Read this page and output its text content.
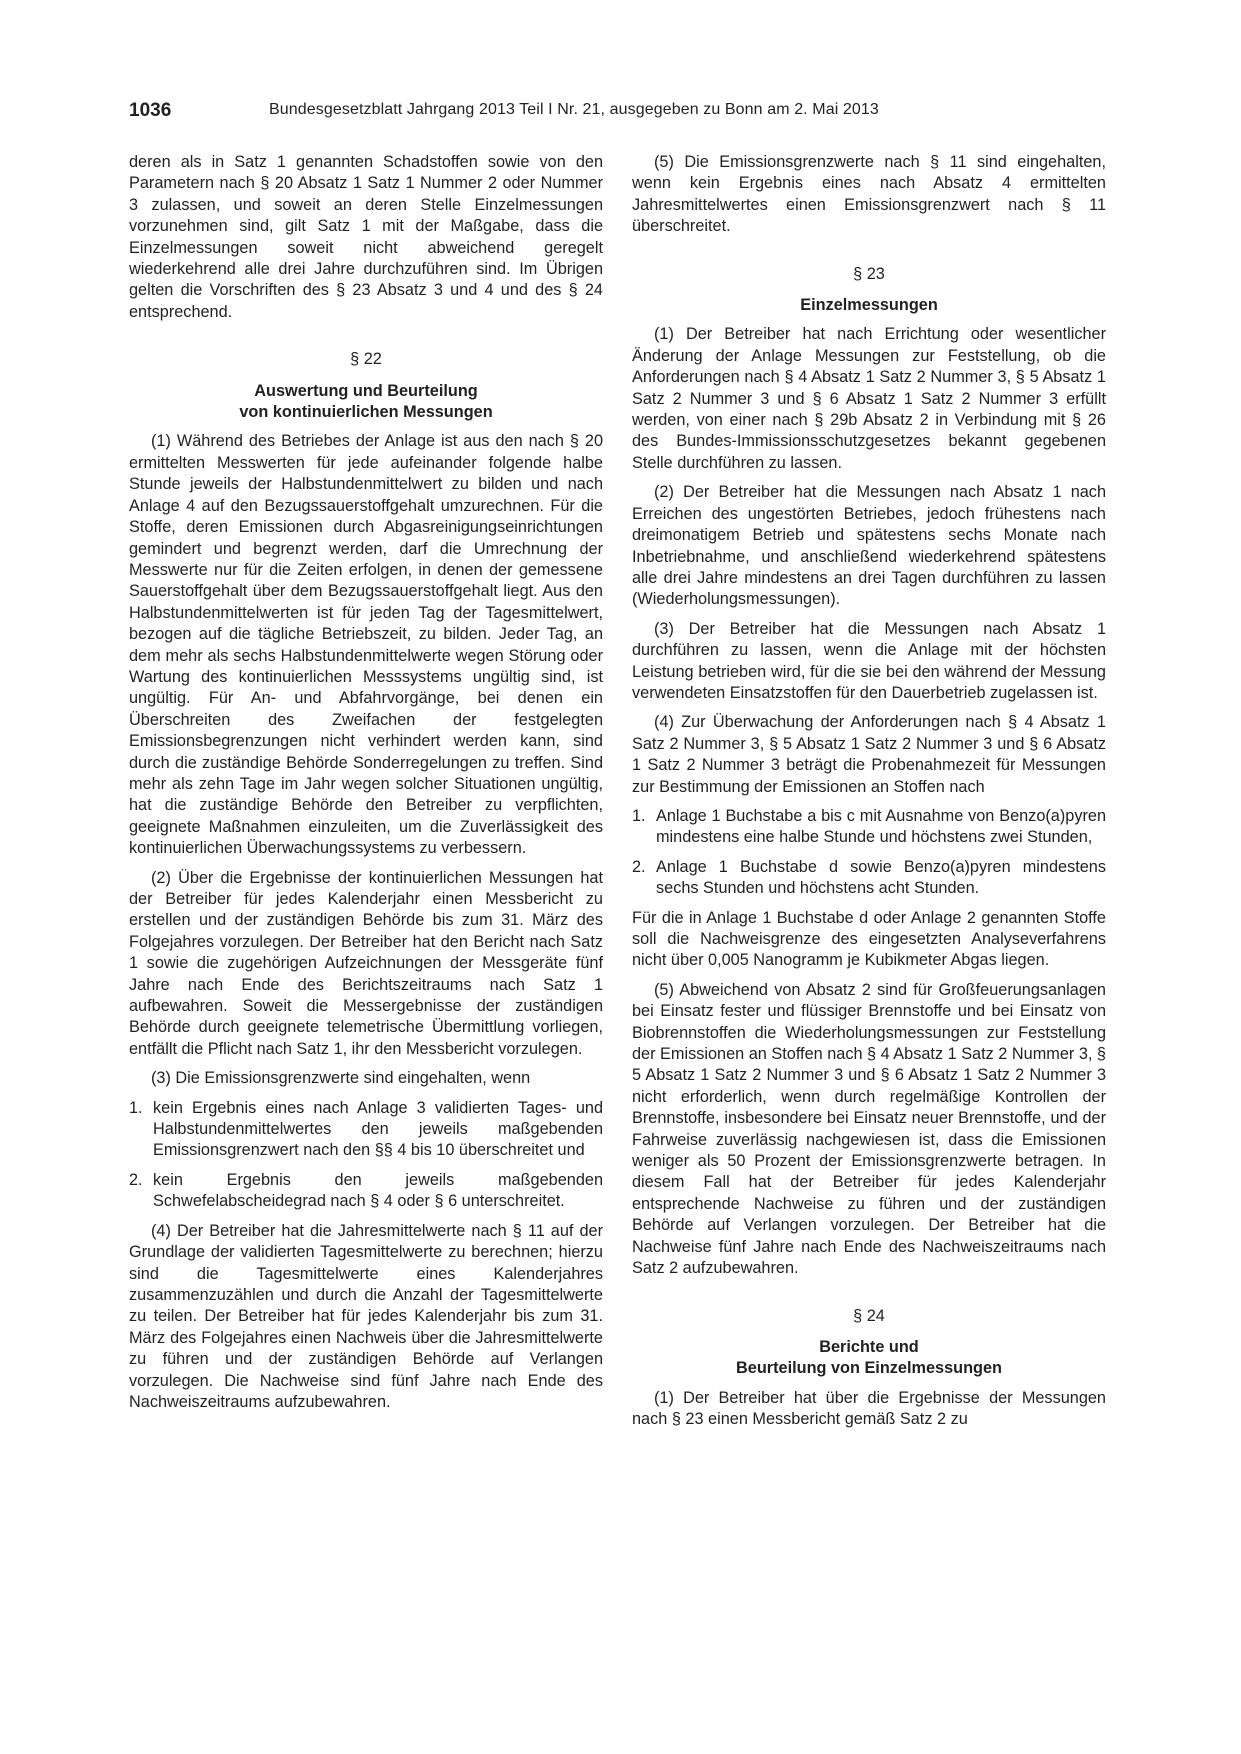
1036	Bundesgesetzblatt Jahrgang 2013 Teil I Nr. 21, ausgegeben zu Bonn am 2. Mai 2013

deren als in Satz 1 genannten Schadstoffen sowie von den Parametern nach § 20 Absatz 1 Satz 1 Nummer 2 oder Nummer 3 zulassen, und soweit an deren Stelle Einzelmessungen vorzunehmen sind, gilt Satz 1 mit der Maßgabe, dass die Einzelmessungen soweit nicht abweichend geregelt wiederkehrend alle drei Jahre durchzuführen sind. Im Übrigen gelten die Vorschriften des § 23 Absatz 3 und 4 und des § 24 entsprechend.

§ 22
Auswertung und Beurteilung
von kontinuierlichen Messungen

(1) Während des Betriebes der Anlage ist aus den nach § 20 ermittelten Messwerten für jede aufeinander folgende halbe Stunde jeweils der Halbstundenmittelwert zu bilden und nach Anlage 4 auf den Bezugssauerstoffgehalt umzurechnen. Für die Stoffe, deren Emissionen durch Abgasreinigungseinrichtungen gemindert und begrenzt werden, darf die Umrechnung der Messwerte nur für die Zeiten erfolgen, in denen der gemessene Sauerstoffgehalt über dem Bezugssauerstoffgehalt liegt. Aus den Halbstundenmittelwerten ist für jeden Tag der Tagesmittelwert, bezogen auf die tägliche Betriebszeit, zu bilden. Jeder Tag, an dem mehr als sechs Halbstundenmittelwerte wegen Störung oder Wartung des kontinuierlichen Messsystems ungültig sind, ist ungültig. Für An- und Abfahrvorgänge, bei denen ein Überschreiten des Zweifachen der festgelegten Emissionsbegrenzungen nicht verhindert werden kann, sind durch die zuständige Behörde Sonderregelungen zu treffen. Sind mehr als zehn Tage im Jahr wegen solcher Situationen ungültig, hat die zuständige Behörde den Betreiber zu verpflichten, geeignete Maßnahmen einzuleiten, um die Zuverlässigkeit des kontinuierlichen Überwachungssystems zu verbessern.

(2) Über die Ergebnisse der kontinuierlichen Messungen hat der Betreiber für jedes Kalenderjahr einen Messbericht zu erstellen und der zuständigen Behörde bis zum 31. März des Folgejahres vorzulegen. Der Betreiber hat den Bericht nach Satz 1 sowie die zugehörigen Aufzeichnungen der Messgeräte fünf Jahre nach Ende des Berichtszeitraums nach Satz 1 aufbewahren. Soweit die Messergebnisse der zuständigen Behörde durch geeignete telemetrische Übermittlung vorliegen, entfällt die Pflicht nach Satz 1, ihr den Messbericht vorzulegen.

(3) Die Emissionsgrenzwerte sind eingehalten, wenn

1. kein Ergebnis eines nach Anlage 3 validierten Tages- und Halbstundenmittelwertes den jeweils maßgebenden Emissionsgrenzwert nach den §§ 4 bis 10 überschreitet und
2. kein Ergebnis den jeweils maßgebenden Schwefelabscheidegrad nach § 4 oder § 6 unterschreitet.

(4) Der Betreiber hat die Jahresmittelwerte nach § 11 auf der Grundlage der validierten Tagesmittelwerte zu berechnen; hierzu sind die Tagesmittelwerte eines Kalenderjahres zusammenzuzählen und durch die Anzahl der Tagesmittelwerte zu teilen. Der Betreiber hat für jedes Kalenderjahr bis zum 31. März des Folgejahres einen Nachweis über die Jahresmittelwerte zu führen und der zuständigen Behörde auf Verlangen vorzulegen. Die Nachweise sind fünf Jahre nach Ende des Nachweiszeitraums aufzubewahren.

(5) Die Emissionsgrenzwerte nach § 11 sind eingehalten, wenn kein Ergebnis eines nach Absatz 4 ermittelten Jahresmittelwertes einen Emissionsgrenzwert nach § 11 überschreitet.

§ 23
Einzelmessungen

(1) Der Betreiber hat nach Errichtung oder wesentlicher Änderung der Anlage Messungen zur Feststellung, ob die Anforderungen nach § 4 Absatz 1 Satz 2 Nummer 3, § 5 Absatz 1 Satz 2 Nummer 3 und § 6 Absatz 1 Satz 2 Nummer 3 erfüllt werden, von einer nach § 29b Absatz 2 in Verbindung mit § 26 des Bundes-Immissionsschutzgesetzes bekannt gegebenen Stelle durchführen zu lassen.

(2) Der Betreiber hat die Messungen nach Absatz 1 nach Erreichen des ungestörten Betriebes, jedoch frühestens nach dreimonatigem Betrieb und spätestens sechs Monate nach Inbetriebnahme, und anschließend wiederkehrend spätestens alle drei Jahre mindestens an drei Tagen durchführen zu lassen (Wiederholungsmessungen).

(3) Der Betreiber hat die Messungen nach Absatz 1 durchführen zu lassen, wenn die Anlage mit der höchsten Leistung betrieben wird, für die sie bei den während der Messung verwendeten Einsatzstoffen für den Dauerbetrieb zugelassen ist.

(4) Zur Überwachung der Anforderungen nach § 4 Absatz 1 Satz 2 Nummer 3, § 5 Absatz 1 Satz 2 Nummer 3 und § 6 Absatz 1 Satz 2 Nummer 3 beträgt die Probenahmezeit für Messungen zur Bestimmung der Emissionen an Stoffen nach

1. Anlage 1 Buchstabe a bis c mit Ausnahme von Benzo(a)pyren mindestens eine halbe Stunde und höchstens zwei Stunden,
2. Anlage 1 Buchstabe d sowie Benzo(a)pyren mindestens sechs Stunden und höchstens acht Stunden.

Für die in Anlage 1 Buchstabe d oder Anlage 2 genannten Stoffe soll die Nachweisgrenze des eingesetzten Analyseverfahrens nicht über 0,005 Nanogramm je Kubikmeter Abgas liegen.

(5) Abweichend von Absatz 2 sind für Großfeuerungsanlagen bei Einsatz fester und flüssiger Brennstoffe und bei Einsatz von Biobrennstoffen die Wiederholungsmessungen zur Feststellung der Emissionen an Stoffen nach § 4 Absatz 1 Satz 2 Nummer 3, § 5 Absatz 1 Satz 2 Nummer 3 und § 6 Absatz 1 Satz 2 Nummer 3 nicht erforderlich, wenn durch regelmäßige Kontrollen der Brennstoffe, insbesondere bei Einsatz neuer Brennstoffe, und der Fahrweise zuverlässig nachgewiesen ist, dass die Emissionen weniger als 50 Prozent der Emissionsgrenzwerte betragen. In diesem Fall hat der Betreiber für jedes Kalenderjahr entsprechende Nachweise zu führen und der zuständigen Behörde auf Verlangen vorzulegen. Der Betreiber hat die Nachweise fünf Jahre nach Ende des Nachweiszeitraums nach Satz 2 aufzubewahren.

§ 24
Berichte und
Beurteilung von Einzelmessungen

(1) Der Betreiber hat über die Ergebnisse der Messungen nach § 23 einen Messbericht gemäß Satz 2 zu
